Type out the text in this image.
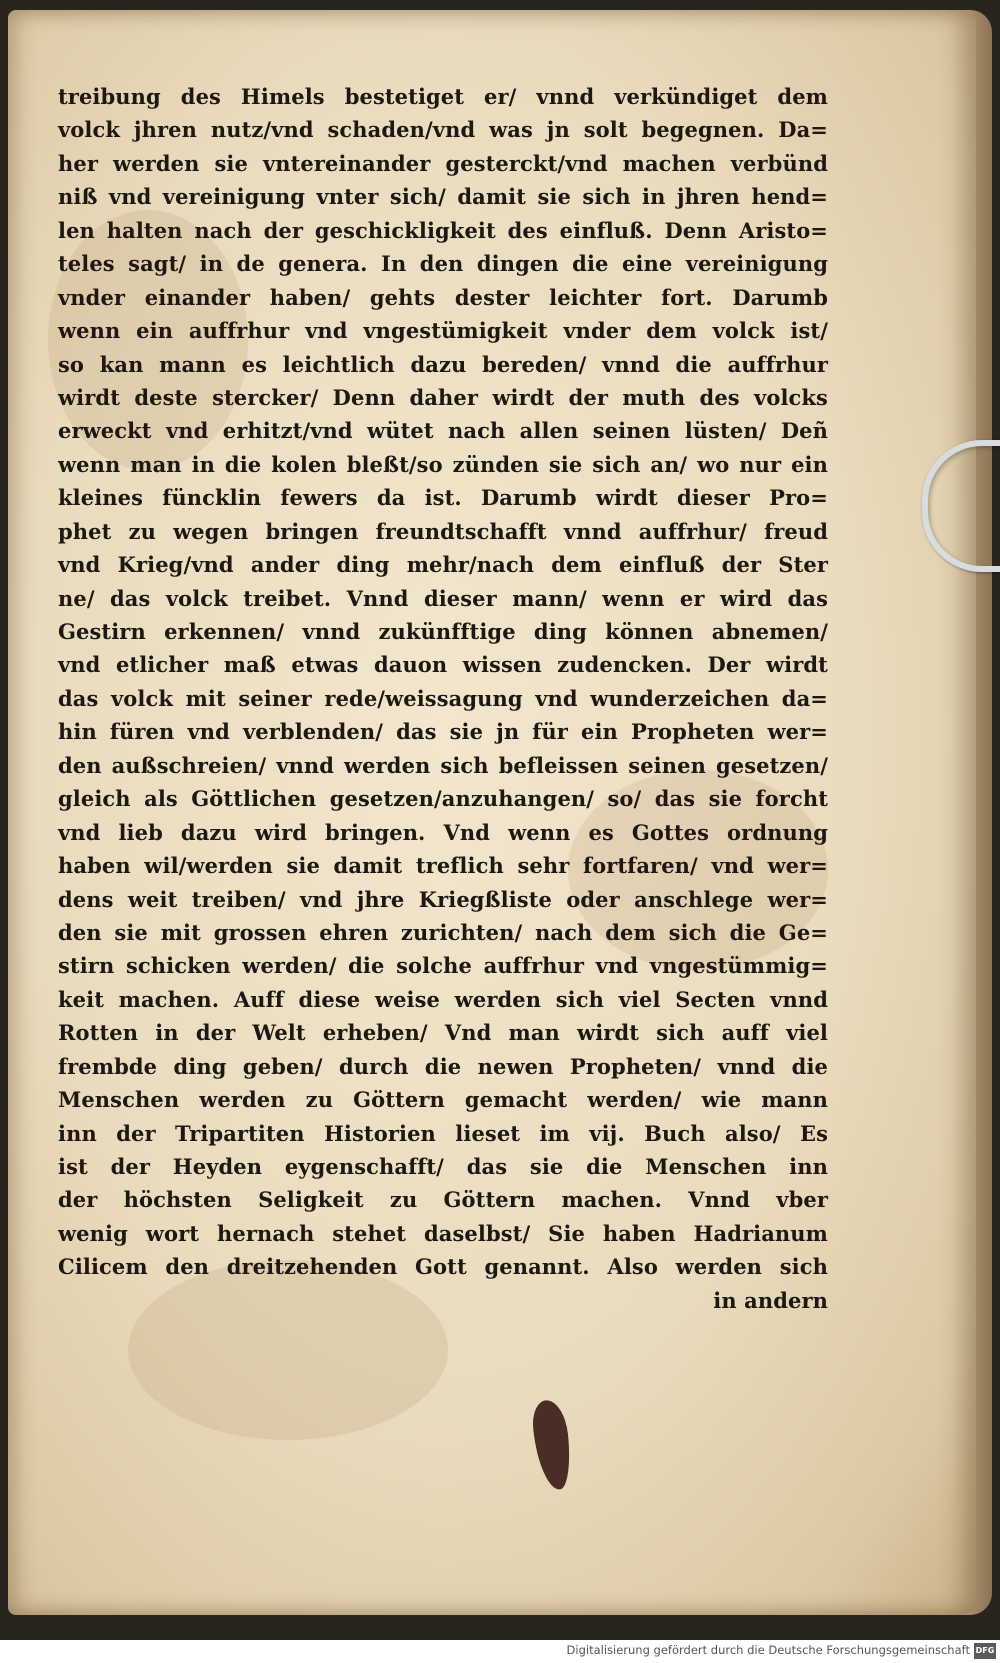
treibung des Himels bestetiget er/ vnnd verkündiget dem
volck jhren nutz/vnd schaden/vnd was jn solt begegnen. Da=
her werden sie vntereinander gesterckt/vnd machen verbünd
niß vnd vereinigung vnter sich/ damit sie sich in jhren hend=
len halten nach der geschickligkeit des einfluß. Denn Aristo=
teles sagt/ in de genera. In den dingen die eine vereinigung
vnder einander haben/ gehts dester leichter fort. Darumb
wenn ein auffrhur vnd vngestümigkeit vnder dem volck ist/
so kan mann es leichtlich dazu bereden/ vnnd die auffrhur
wirdt deste stercker/ Denn daher wirdt der muth des volcks
erweckt vnd erhitzt/vnd wütet nach allen seinen lüsten/ Deñ
wenn man in die kolen bleßt/so zünden sie sich an/ wo nur ein
kleines füncklin fewers da ist. Darumb wirdt dieser Pro=
phet zu wegen bringen freundtschafft vnnd auffrhur/ freud
vnd Krieg/vnd ander ding mehr/nach dem einfluß der Ster
ne/ das volck treibet. Vnnd dieser mann/ wenn er wird das
Gestirn erkennen/ vnnd zukünfftige ding können abnemen/
vnd etlicher maß etwas dauon wissen zudencken. Der wirdt
das volck mit seiner rede/weissagung vnd wunderzeichen da=
hin füren vnd verblenden/ das sie jn für ein Propheten wer=
den außschreien/ vnnd werden sich befleissen seinen gesetzen/
gleich als Göttlichen gesetzen/anzuhangen/ so/ das sie forcht
vnd lieb dazu wird bringen. Vnd wenn es Gottes ordnung
haben wil/werden sie damit treflich sehr fortfaren/ vnd wer=
dens weit treiben/ vnd jhre Kriegßliste oder anschlege wer=
den sie mit grossen ehren zurichten/ nach dem sich die Ge=
stirn schicken werden/ die solche auffrhur vnd vngestümmig=
keit machen. Auff diese weise werden sich viel Secten vnnd
Rotten in der Welt erheben/ Vnd man wirdt sich auff viel
frembde ding geben/ durch die newen Propheten/ vnnd die
Menschen werden zu Göttern gemacht werden/ wie mann
inn der Tripartiten Historien lieset im vij. Buch also/ Es
ist der Heyden eygenschafft/ das sie die Menschen inn
der höchsten Seligkeit zu Göttern machen. Vnnd vber
wenig wort hernach stehet daselbst/ Sie haben Hadrianum
Cilicem den dreitzehenden Gott genannt. Also werden sich
in andern
Digitalisierung gefördert durch die Deutsche Forschungsgemeinschaft DFG
